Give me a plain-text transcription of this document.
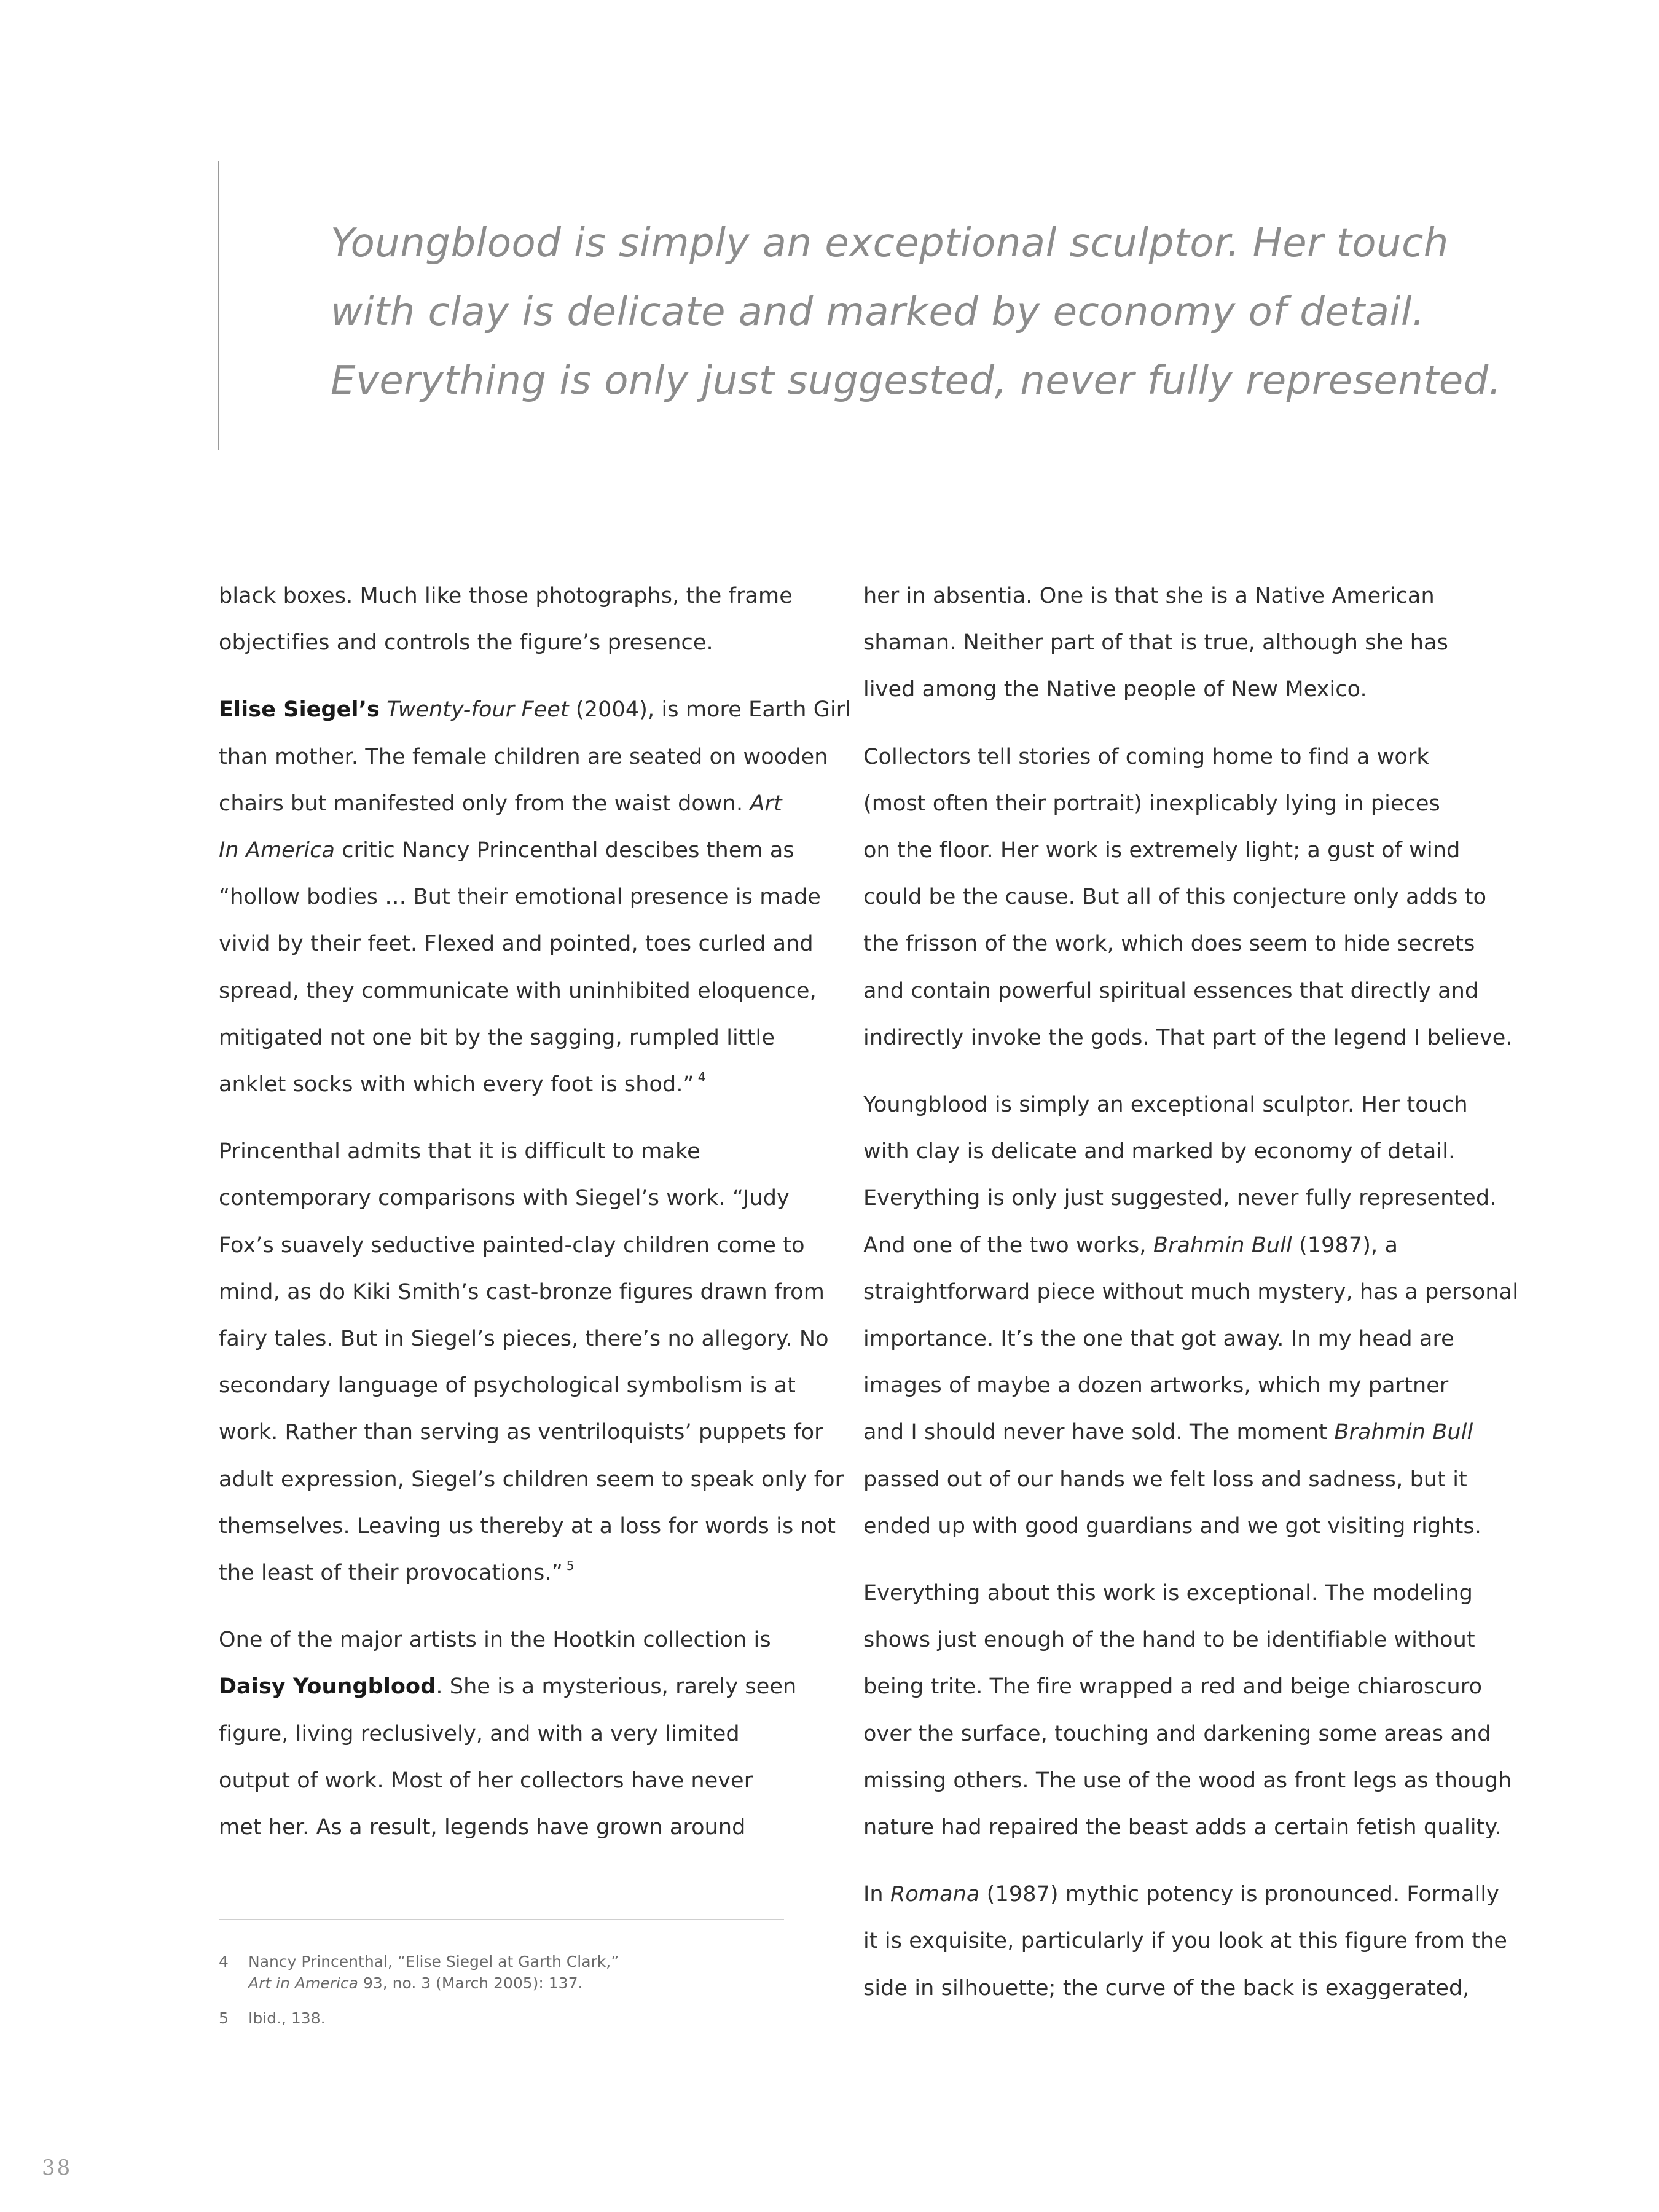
Youngblood is simply an exceptional sculptor. Her touch
with clay is delicate and marked by economy of detail.
Everything is only just suggested, never fully represented.

black boxes. Much like those photographs, the frame
objectifies and controls the figure’s presence.

Elise Siegel’s Twenty-four Feet (2004), is more Earth Girl
than mother. The female children are seated on wooden
chairs but manifested only from the waist down. Art
In America critic Nancy Princenthal descibes them as
“hollow bodies … But their emotional presence is made
vivid by their feet. Flexed and pointed, toes curled and
spread, they communicate with uninhibited eloquence,
mitigated not one bit by the sagging, rumpled little
anklet socks with which every foot is shod.” $^4$

Princenthal admits that it is difficult to make
contemporary comparisons with Siegel’s work. “Judy
Fox’s suavely seductive painted-clay children come to
mind, as do Kiki Smith’s cast-bronze figures drawn from
fairy tales. But in Siegel’s pieces, there’s no allegory. No
secondary language of psychological symbolism is at
work. Rather than serving as ventriloquists’ puppets for
adult expression, Siegel’s children seem to speak only for
themselves. Leaving us thereby at a loss for words is not
the least of their provocations.” $^5$

One of the major artists in the Hootkin collection is
Daisy Youngblood. She is a mysterious, rarely seen
figure, living reclusively, and with a very limited
output of work. Most of her collectors have never
met her. As a result, legends have grown around

her in absentia. One is that she is a Native American
shaman. Neither part of that is true, although she has
lived among the Native people of New Mexico.

Collectors tell stories of coming home to find a work
(most often their portrait) inexplicably lying in pieces
on the floor. Her work is extremely light; a gust of wind
could be the cause. But all of this conjecture only adds to
the frisson of the work, which does seem to hide secrets
and contain powerful spiritual essences that directly and
indirectly invoke the gods. That part of the legend I believe.

Youngblood is simply an exceptional sculptor. Her touch
with clay is delicate and marked by economy of detail.
Everything is only just suggested, never fully represented.
And one of the two works, Brahmin Bull (1987), a
straightforward piece without much mystery, has a personal
importance. It’s the one that got away. In my head are
images of maybe a dozen artworks, which my partner
and I should never have sold. The moment Brahmin Bull
passed out of our hands we felt loss and sadness, but it
ended up with good guardians and we got visiting rights.

Everything about this work is exceptional. The modeling
shows just enough of the hand to be identifiable without
being trite. The fire wrapped a red and beige chiaroscuro
over the surface, touching and darkening some areas and
missing others. The use of the wood as front legs as though
nature had repaired the beast adds a certain fetish quality.

In Romana (1987) mythic potency is pronounced. Formally
it is exquisite, particularly if you look at this figure from the
side in silhouette; the curve of the back is exaggerated,

4 Nancy Princenthal, “Elise Siegel at Garth Clark,”
Art in America 93, no. 3 (March 2005): 137.
5 Ibid., 138.
38
